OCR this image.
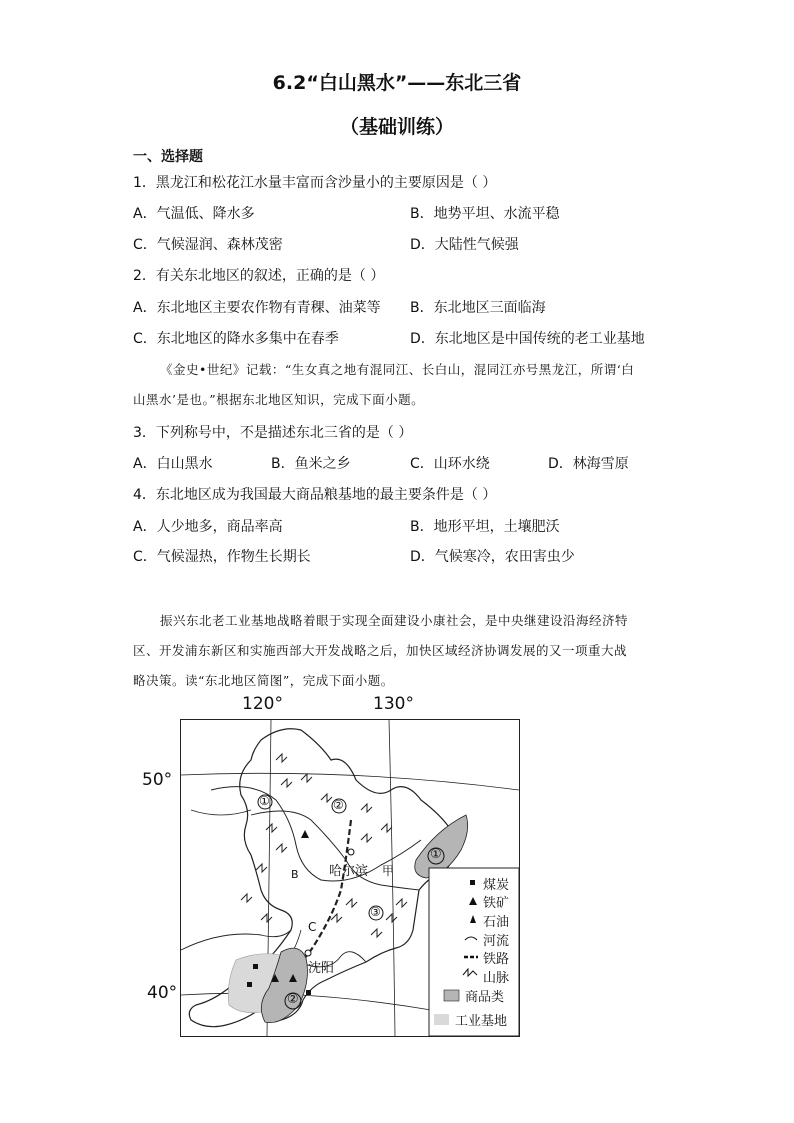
6.2“白山黑水”——东北三省
（基础训练）
一、选择题
1．黑龙江和松花江水量丰富而含沙量小的主要原因是（ ）
A．气温低、降水多	B．地势平坦、水流平稳
C．气候湿润、森林茂密	D．大陆性气候强
2．有关东北地区的叙述，正确的是（ ）
A．东北地区主要农作物有青稞、油菜等 B．东北地区三面临海
C．东北地区的降水多集中在春季	D．东北地区是中国传统的老工业基地
《金史•世纪》记载：“生女真之地有混同江、长白山，混同江亦号黑龙江，所谓‘白
山黑水’是也。”根据东北地区知识，完成下面小题。
3．下列称号中，不是描述东北三省的是（ ）
A．白山黑水	B．鱼米之乡	C．山环水绕	D．林海雪原
4．东北地区成为我国最大商品粮基地的最主要条件是（ ）
A．人少地多，商品率高	B．地形平坦，土壤肥沃
C．气候湿热，作物生长期长	D．气候寒冷，农田害虫少
振兴东北老工业基地战略着眼于实现全面建设小康社会，是中央继建设沿海经济特
区、开发浦东新区和实施西部大开发战略之后，加快区域经济协调发展的又一项重大战
略决策。读“东北地区简图”，完成下面小题。
120°	130°
50°
40°
哈尔滨 甲
沈阳
C
B
①
①	②
③
②
煤炭
铁矿
石油
河流
铁路
山脉
商品类
工业基地
